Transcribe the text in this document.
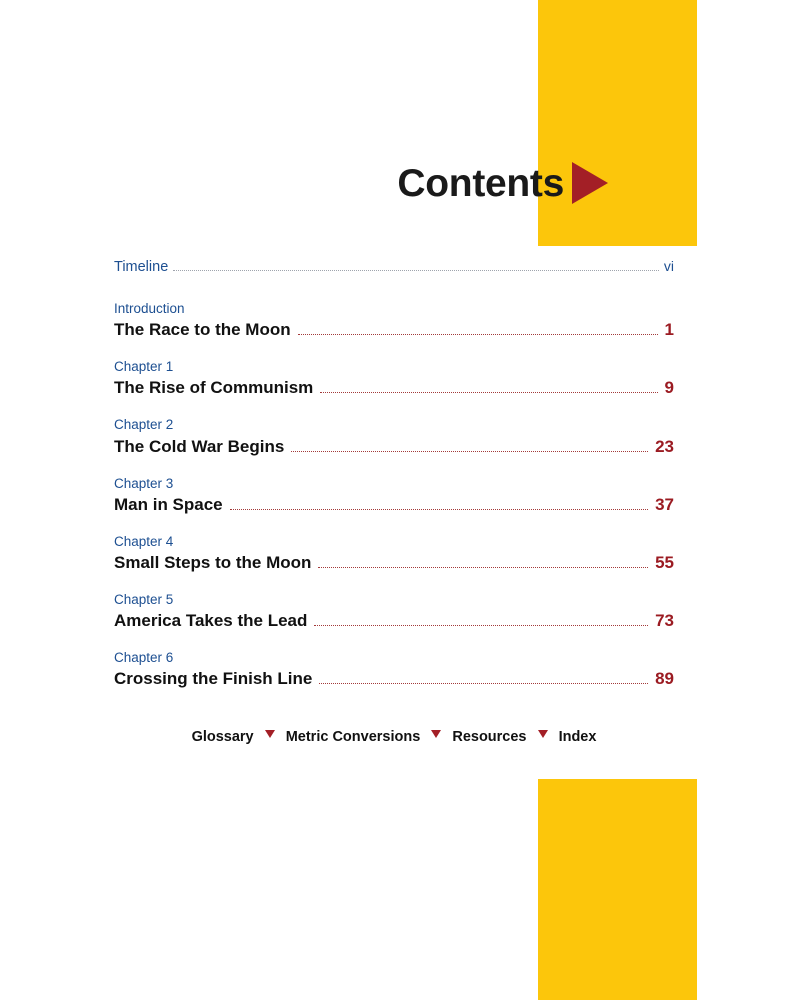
Contents
Timeline	vi
Introduction
The Race to the Moon	1
Chapter 1
The Rise of Communism	9
Chapter 2
The Cold War Begins	23
Chapter 3
Man in Space	37
Chapter 4
Small Steps to the Moon	55
Chapter 5
America Takes the Lead	73
Chapter 6
Crossing the Finish Line	89
Glossary Metric Conversions Resources Index
